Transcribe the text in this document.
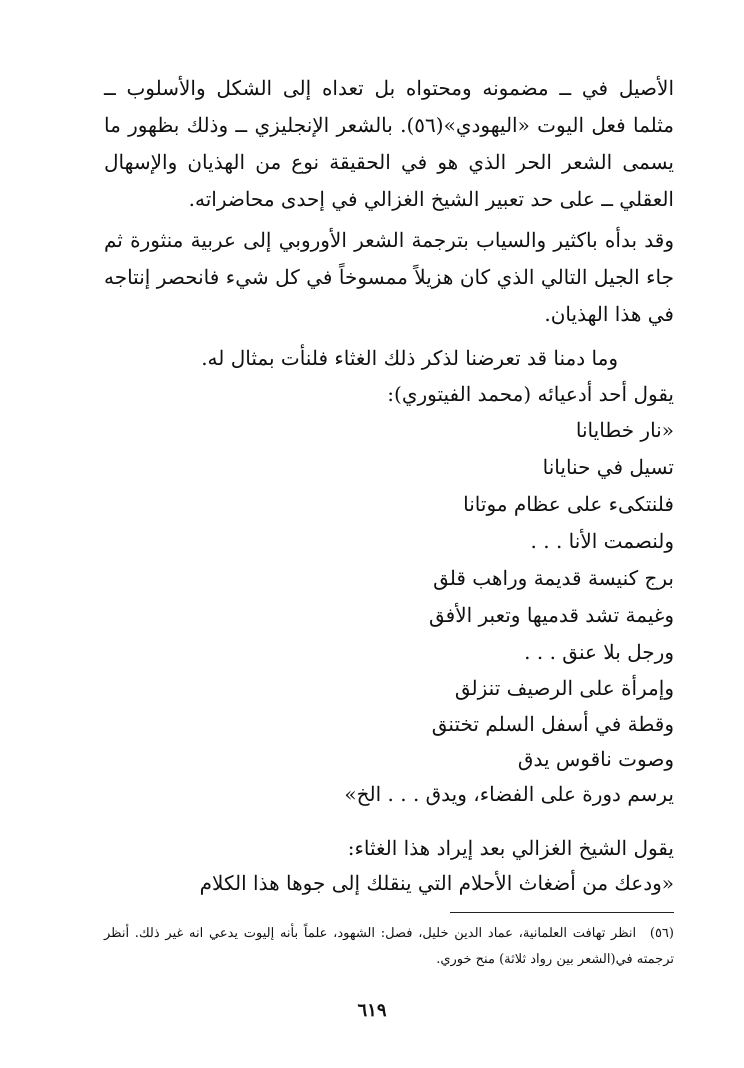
الأصيل في ــ مضمونه ومحتواه بل تعداه إلى الشكل والأسلوب ــ مثلما فعل اليوت «اليهودي»(٥٦). بالشعر الإنجليزي ــ وذلك بظهور ما يسمى الشعر الحر الذي هو في الحقيقة نوع من الهذيان والإسهال العقلي ــ على حد تعبير الشيخ الغزالي في إحدى محاضراته.

وقد بدأه باكثير والسياب بترجمة الشعر الأوروبي إلى عربية منثورة ثم جاء الجيل التالي الذي كان هزيلاً ممسوخاً في كل شيء فانحصر إنتاجه في هذا الهذيان.

وما دمنا قد تعرضنا لذكر ذلك الغثاء فلنأت بمثال له.

يقول أحد أدعيائه (محمد الفيتوري):

«نار خطايانا

تسيل في حنايانا

فلنتكىء على عظام موتانا

ولنصمت الأنا . . .

برج كنيسة قديمة وراهب قلق

وغيمة تشد قدميها وتعبر الأفق

ورجل بلا عنق . . .

وإمرأة على الرصيف تنزلق

وقطة في أسفل السلم تختنق

وصوت ناقوس يدق

يرسم دورة على الفضاء، ويدق . . . الخ»

يقول الشيخ الغزالي بعد إيراد هذا الغثاء:

«ودعك من أضغاث الأحلام التي ينقلك إلى جوها هذا الكلام

(٥٦) انظر تهافت العلمانية، عماد الدين خليل، فصل: الشهود، علماً بأنه إليوت يدعي انه غير ذلك. أنظر ترجمته في(الشعر بين رواد ثلاثة) منح خوري.

٦١٩
